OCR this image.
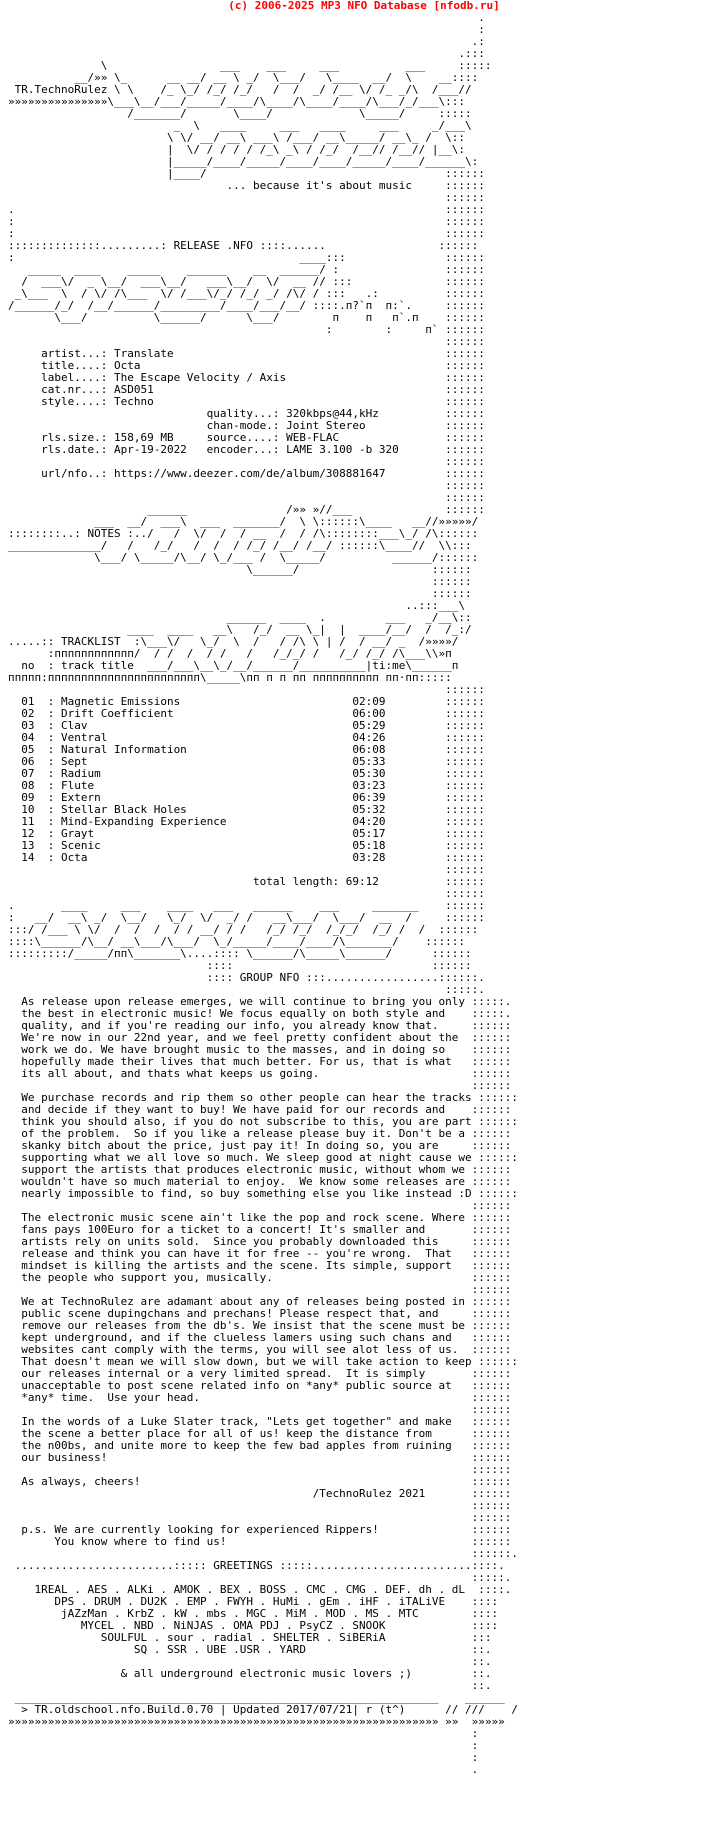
(c) 2006-2025 MP3 NFO Database [nfodb.ru]
.
:
.:
.:::
\                 ___    ___     ___          ___     :::::
__/»» \_      __ __/ __ \ _/  \___/   \____  __/  \    __::::
TR.TechnoRulez \ \    /_ \_/ /_/ /_/   /  /  _/ /__ \/ /_ _/\  /___//
»»»»»»»»»»»»»»»\___\__/___/_____/____/\____/\____/____/\___/_/___\:::
/_______/       \____/             \_____/     :::::
_  \   ____     ___   ____     ___     _/___\
\ \/ __/ __\ ___\ /___/ __\_____/ __\_ /  \::
|  \/ / / / / /_\ _\ / /_/  /__// /__// |__\:
|_____/____/_____/____/____/_____/____/______\:
|____/                                    ::::::
... because it's about music     ::::::
::::::
.                                                                 ::::::
:                                                                 ::::::
:                                                                 ::::::
::::::::::::::.........: RELEASE .NFO ::::......                 ::::::
:                                           ____:::               ::::::
_____  ____    _____    ______    __  ______/ :                ::::::
/  ___\/  _ \__/  ___\__/   ___\__/  \/  __ // :::              ::::::
_\___  \  / \/ /\___  \/ /___\/_/ /_/ _/ /\/ / :::   .:          ::::::
/______/_/  /__/______/_________/____/___/__/ ::::.п?`п  п:`.     ::::::
\___/          \______/      \___/        п    п   п`.п    ::::::
:        :     п` ::::::
::::::
artist...: Translate                                         ::::::
title....: Octa                                              ::::::
label....: The Escape Velocity / Axis                        ::::::
cat.nr...: ASD051                                            ::::::
style....: Techno                                            ::::::
quality...: 320kbps@44,kHz          ::::::
chan-mode.: Joint Stereo            ::::::
rls.size.: 158,69 MB     source....: WEB-FLAC                ::::::
rls.date.: Apr-19-2022   encoder...: LAME 3.100 -b 320       ::::::
::::::
url/nfo..: https://www.deezer.com/de/album/308881647         ::::::
::::::
::::::
______               /»» »//___              ::::::
___  __/  ___\  ___  _______/  \ \::::::\____   __//»»»»»/
::::::::..: NOTES :../   /  \/  /  / __  /  / /\::::::::___\_/ /\::::::
______________/   /   /_/   /  /  / /_/ /__/ /__/ ::::::\____//  \\:::
\___/ \_____/\__/ \_/___ /  \_____/          ______/::::::
\______/                    ::::::
::::::
::::::
..:::___\
______  ____  .         ___   _/__\::
____  ____   __\   /_/  __ \_|  |  ____/__/  /  /_:/
.....:: TRACKLIST  :\___\/   \_/  \  /   / /\ \ | /  / __/ _  /»»»»/
:пппппппппппп/  / /  /  / /   /   /_/_/ /   /_/ /_/ /\___\\»п
no  : track title  ___/___\__\_/__/______/__________|ti:me\______п
ппппп:ппппппппппппппппппппппп\_____\пп п п пп пппппппппп пп·пп:::::
::::::
01  : Magnetic Emissions                          02:09         ::::::
02  : Drift Coefficient                           06:00         ::::::
03  : Clav                                        05:29         ::::::
04  : Ventral                                     04:26         ::::::
05  : Natural Information                         06:08         ::::::
06  : Sept                                        05:33         ::::::
07  : Radium                                      05:30         ::::::
08  : Flute                                       03:23         ::::::
09  : Extern                                      06:39         ::::::
10  : Stellar Black Holes                         05:32         ::::::
11  : Mind-Expanding Experience                   04:20         ::::::
12  : Grayt                                       05:17         ::::::
13  : Scenic                                      05:18         ::::::
14  : Octa                                        03:28         ::::::
::::::
total length: 69:12          ::::::
::::::
.       ____     ___    ____   ___   ______    ___     _______    ::::::
:   __/  __\ _/  \__/   \_/  \/  _/ /   __\___/  \___/  __  /     ::::::
:::/ /___ \ \/  /  /  /  / / __/ / /   /_/ /_/  /_/_/  /_/ /  /  ::::::
::::\______/\__/ __\___/\___/  \_/_____/____/____/\_______/    ::::::
:::::::::/_____/пп\_______\....:::: \______/\_____\______/      ::::::
::::                              ::::::
:::: GROUP NFO :::.................::::::.
:::::.
As release upon release emerges, we will continue to bring you only :::::.
the best in electronic music! We focus equally on both style and    :::::.
quality, and if you're reading our info, you already know that.     ::::::
We're now in our 22nd year, and we feel pretty confident about the  ::::::
work we do. We have brought music to the masses, and in doing so    ::::::
hopefully made their lives that much better. For us, that is what   ::::::
its all about, and thats what keeps us going.                       ::::::
::::::
We purchase records and rip them so other people can hear the tracks ::::::
and decide if they want to buy! We have paid for our records and    ::::::
think you should also, if you do not subscribe to this, you are part ::::::
of the problem.  So if you like a release please buy it. Don't be a ::::::
skanky bitch about the price, just pay it! In doing so, you are     ::::::
supporting what we all love so much. We sleep good at night cause we ::::::
support the artists that produces electronic music, without whom we ::::::
wouldn't have so much material to enjoy.  We know some releases are ::::::
nearly impossible to find, so buy something else you like instead :D ::::::
::::::
The electronic music scene ain't like the pop and rock scene. Where ::::::
fans pays 100Euro for a ticket to a concert! It's smaller and       ::::::
artists rely on units sold.  Since you probably downloaded this     ::::::
release and think you can have it for free -- you're wrong.  That   ::::::
mindset is killing the artists and the scene. Its simple, support   ::::::
the people who support you, musically.                              ::::::
::::::
We at TechnoRulez are adamant about any of releases being posted in ::::::
public scene dupingchans and prechans! Please respect that, and     ::::::
remove our releases from the db's. We insist that the scene must be ::::::
kept underground, and if the clueless lamers using such chans and   ::::::
websites cant comply with the terms, you will see alot less of us.  ::::::
That doesn't mean we will slow down, but we will take action to keep ::::::
our releases internal or a very limited spread.  It is simply       ::::::
unacceptable to post scene related info on *any* public source at   ::::::
*any* time.  Use your head.                                         ::::::
::::::
In the words of a Luke Slater track, "Lets get together" and make   ::::::
the scene a better place for all of us! keep the distance from      ::::::
the n00bs, and unite more to keep the few bad apples from ruining   ::::::
our business!                                                       ::::::
::::::
As always, cheers!                                                  ::::::
/TechnoRulez 2021       ::::::
::::::
::::::
p.s. We are currently looking for experienced Rippers!              ::::::
You know where to find us!                                     ::::::
::::::.
........................::::: GREETINGS :::::........................::::.
:::::.
1REAL . AES . ALKi . AMOK . BEX . BOSS . CMC . CMG . DEF. dh . dL  ::::.
DPS . DRUM . DU2K . EMP . FWYH . HuMi . gEm . iHF . iTALiVE    ::::
jAZzMan . KrbZ . kW . mbs . MGC . MiM . MOD . MS . MTC        ::::
MYCEL . NBD . NiNJAS . OMA PDJ . PsyCZ . SNOOK             ::::
SOULFUL . sour . radial . SHELTER . SiBERiA             :::
SQ . SSR . UBE .USR . YARD                         ::.
::.
& all underground electronic music lovers ;)         ::.
::.
________________________________________________________________    ______
> TR.oldschool.nfo.Build.0.70 | Updated 2017/07/21| r (t^)      // ///    /
»»»»»»»»»»»»»»»»»»»»»»»»»»»»»»»»»»»»»»»»»»»»»»»»»»»»»»»»»»»»»»»»» »»  »»»»»
:
:
:
.
